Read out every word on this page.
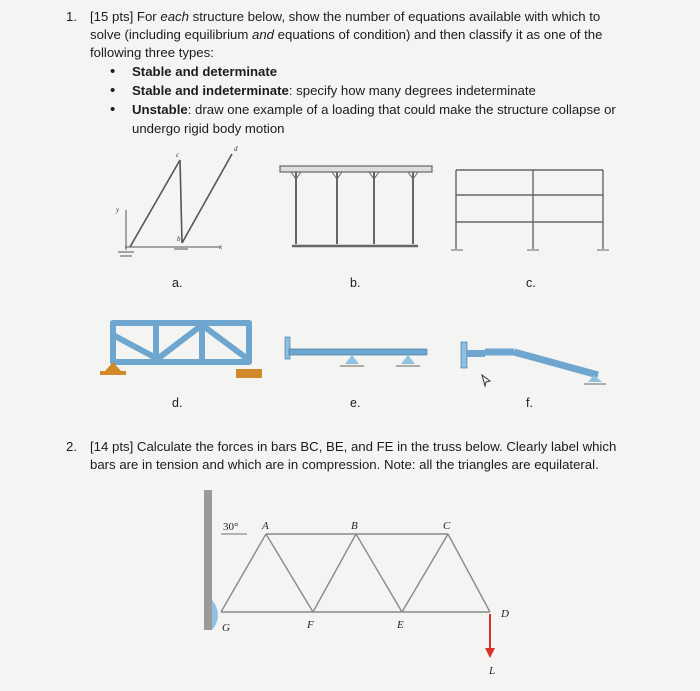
1. [15 pts] For each structure below, show the number of equations available with which to solve (including equilibrium and equations of condition) and then classify it as one of the following three types:
• Stable and determinate
• Stable and indeterminate: specify how many degrees indeterminate
• Unstable: draw one example of a loading that could make the structure collapse or undergo rigid body motion
c
d
b
y
x
30° A	B	C
D
E
F
G
L
a.	b.	c.
d.	e.	f.
2. [14 pts] Calculate the forces in bars BC, BE, and FE in the truss below. Clearly label which bars are in tension and which are in compression. Note: all the triangles are equilateral.
